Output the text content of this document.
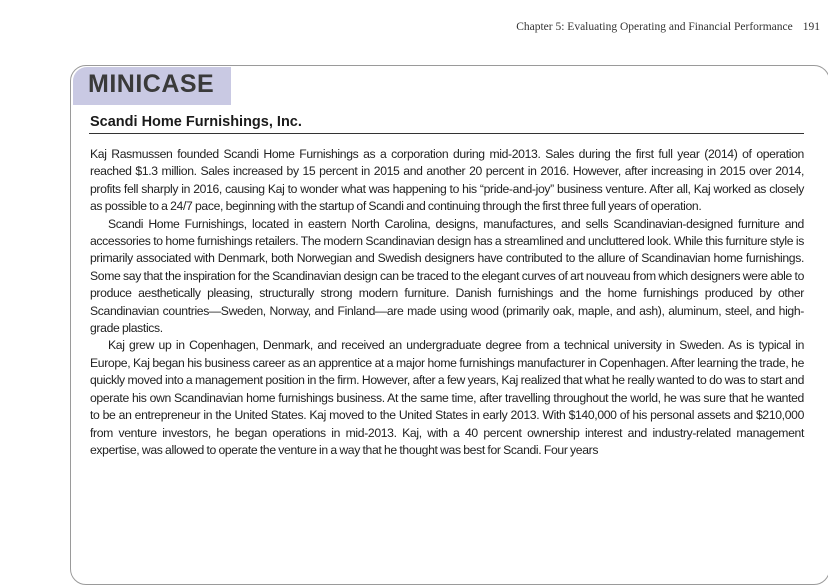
Chapter 5: Evaluating Operating and Financial Performance 191
MINICASE
Scandi Home Furnishings, Inc.

Kaj Rasmussen founded Scandi Home Furnishings as a corporation during mid-2013. Sales during the first full year (2014) of operation reached $1.3 million. Sales increased by 15 percent in 2015 and another 20 percent in 2016. However, after increasing in 2015 over 2014, profits fell sharply in 2016, causing Kaj to wonder what was happening to his “pride-and-joy” business venture. After all, Kaj worked as closely as possible to a 24/7 pace, beginning with the startup of Scandi and continuing through the first three full years of operation.

Scandi Home Furnishings, located in eastern North Carolina, designs, manufactures, and sells Scandinavian-designed furniture and accessories to home furnishings retailers. The modern Scandinavian design has a streamlined and uncluttered look. While this furniture style is primarily associated with Denmark, both Norwegian and Swedish designers have contributed to the allure of Scandinavian home furnishings. Some say that the inspiration for the Scandinavian design can be traced to the elegant curves of art nouveau from which designers were able to produce aesthetically pleasing, structurally strong modern furniture. Danish furnishings and the home furnishings produced by other Scandinavian countries—Sweden, Norway, and Finland—are made using wood (primarily oak, maple, and ash), aluminum, steel, and high-grade plastics.

Kaj grew up in Copenhagen, Denmark, and received an undergraduate degree from a technical university in Sweden. As is typical in Europe, Kaj began his business career as an apprentice at a major home furnishings manufacturer in Copenhagen. After learning the trade, he quickly moved into a management position in the firm. However, after a few years, Kaj realized that what he really wanted to do was to start and operate his own Scandinavian home furnishings business. At the same time, after travelling throughout the world, he was sure that he wanted to be an entrepreneur in the United States. Kaj moved to the United States in early 2013. With $140,000 of his personal assets and $210,000 from venture investors, he began operations in mid-2013. Kaj, with a 40 percent ownership interest and industry-related management expertise, was allowed to operate the venture in a way that he thought was best for Scandi. Four years
